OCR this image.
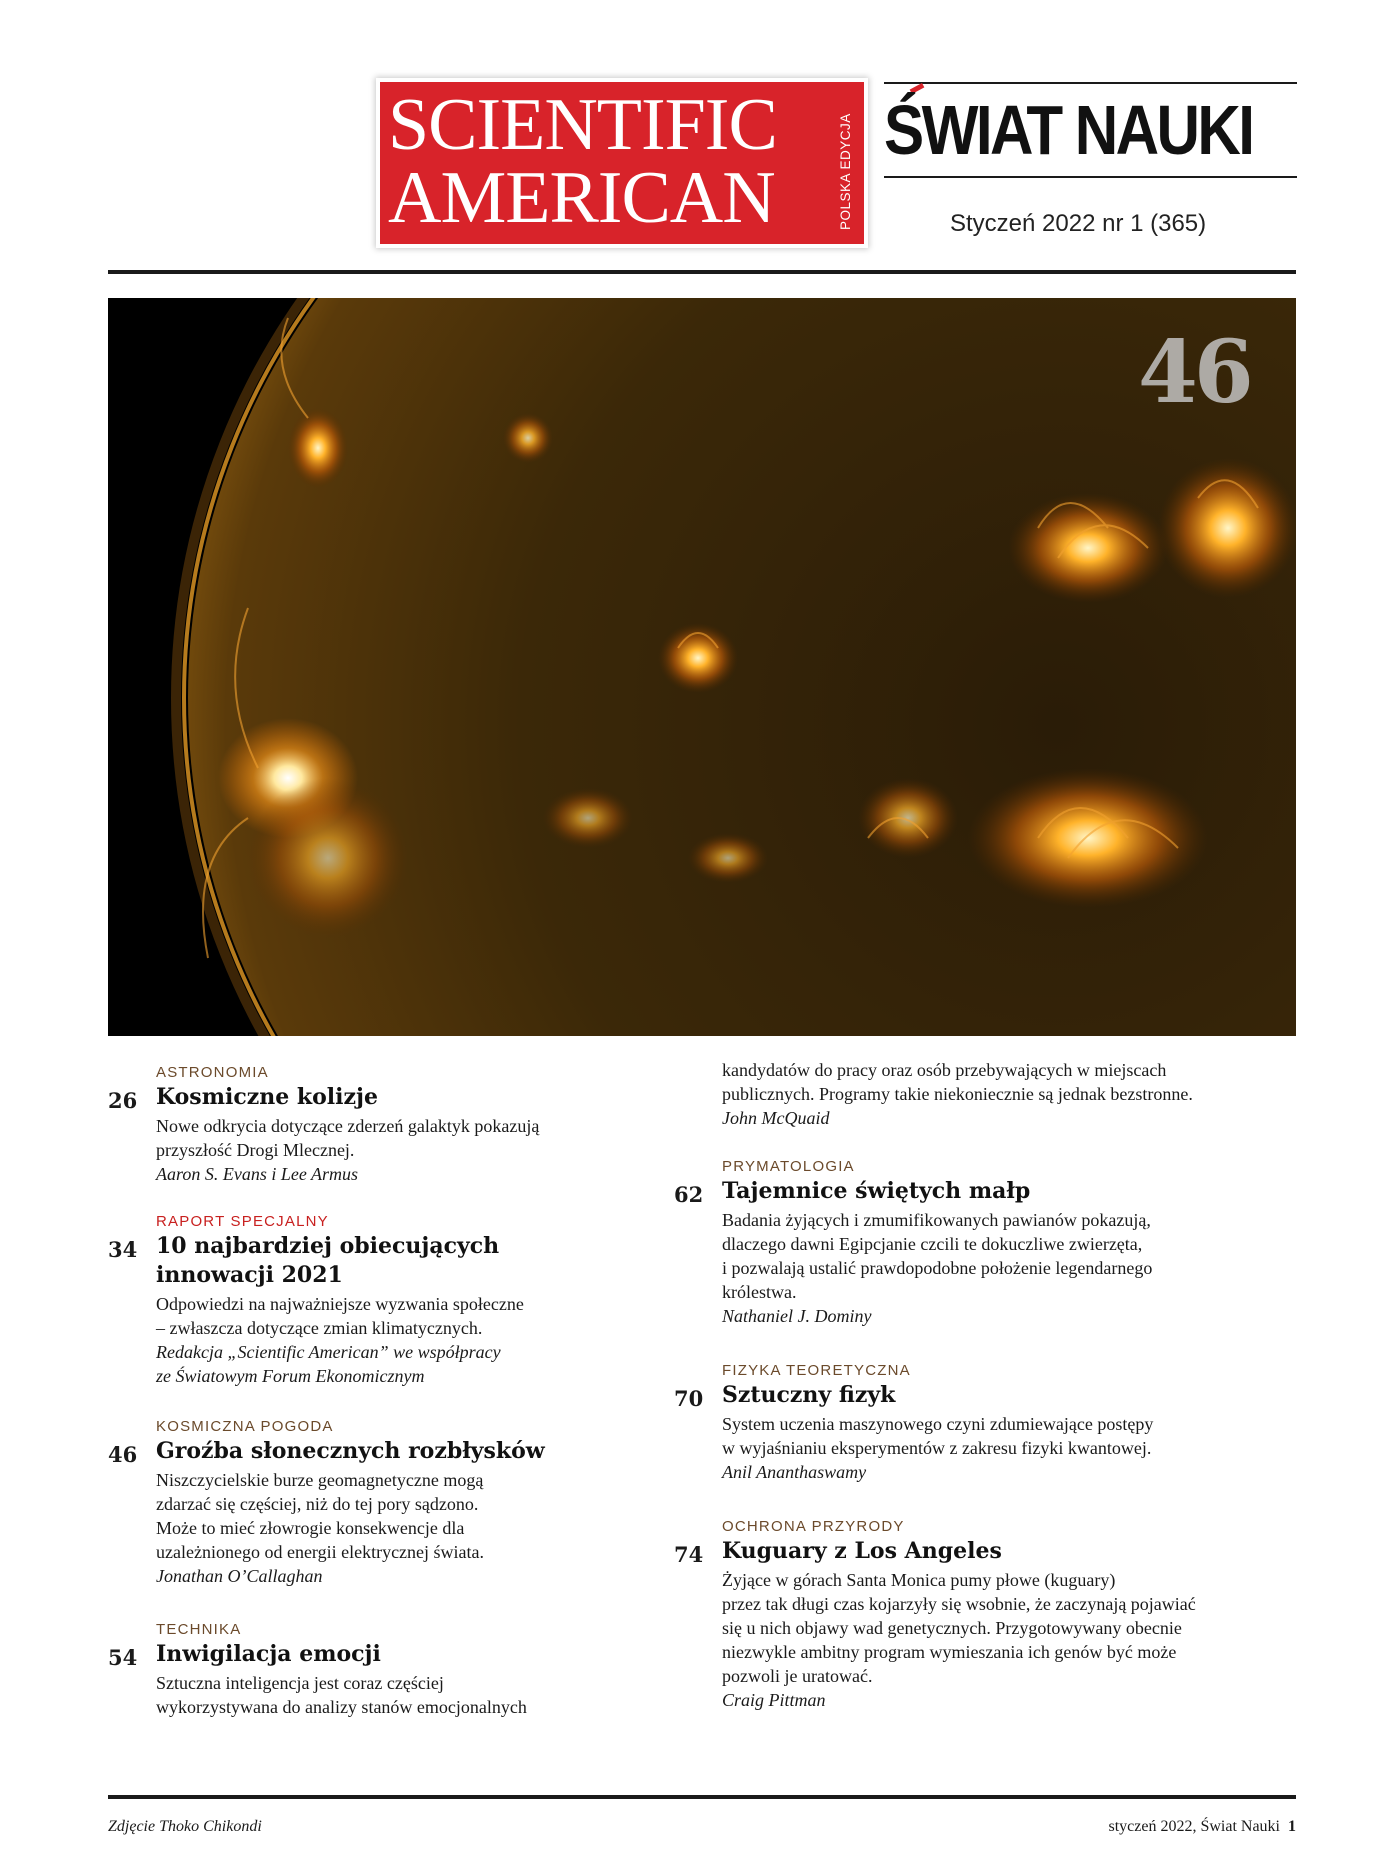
SCIENTIFIC
AMERICAN	POLSKA EDYCJA ŚWIAT NAUKI
Styczeń 2022 nr 1 (365)
46
ASTRONOMIA
26 Kosmiczne kolizje
Nowe odkrycia dotyczące zderzeń galaktyk pokazują
przyszłość Drogi Mlecznej.
Aaron S. Evans i Lee Armus
RAPORT SPECJALNY
34 10 najbardziej obiecujących
innowacji 2021
Odpowiedzi na najważniejsze wyzwania społeczne
– zwłaszcza dotyczące zmian klimatycznych.
Redakcja „Scientific American” we współpracy
ze Światowym Forum Ekonomicznym
KOSMICZNA POGODA
46 Groźba słonecznych rozbłysków
Niszczycielskie burze geomagnetyczne mogą
zdarzać się częściej, niż do tej pory sądzono.
Może to mieć złowrogie konsekwencje dla
uzależnionego od energii elektrycznej świata.
Jonathan O’Callaghan
TECHNIKA
54 Inwigilacja emocji
Sztuczna inteligencja jest coraz częściej
wykorzystywana do analizy stanów emocjonalnych
kandydatów do pracy oraz osób przebywających w miejscach
publicznych. Programy takie niekoniecznie są jednak bezstronne.
John McQuaid
PRYMATOLOGIA
62 Tajemnice świętych małp
Badania żyjących i zmumifikowanych pawianów pokazują,
dlaczego dawni Egipcjanie czcili te dokuczliwe zwierzęta,
i pozwalają ustalić prawdopodobne położenie legendarnego
królestwa.
Nathaniel J. Dominy
FIZYKA TEORETYCZNA
70 Sztuczny fizyk
System uczenia maszynowego czyni zdumiewające postępy
w wyjaśnianiu eksperymentów z zakresu fizyki kwantowej.
Anil Ananthaswamy
OCHRONA PRZYRODY
74 Kuguary z Los Angeles
Żyjące w górach Santa Monica pumy płowe (kuguary)
przez tak długi czas kojarzyły się wsobnie, że zaczynają pojawiać
się u nich objawy wad genetycznych. Przygotowywany obecnie
niezwykle ambitny program wymieszania ich genów być może
pozwoli je uratować.
Craig Pittman
Zdjęcie Thoko Chikondi	styczeń 2022, Świat Nauki 1
